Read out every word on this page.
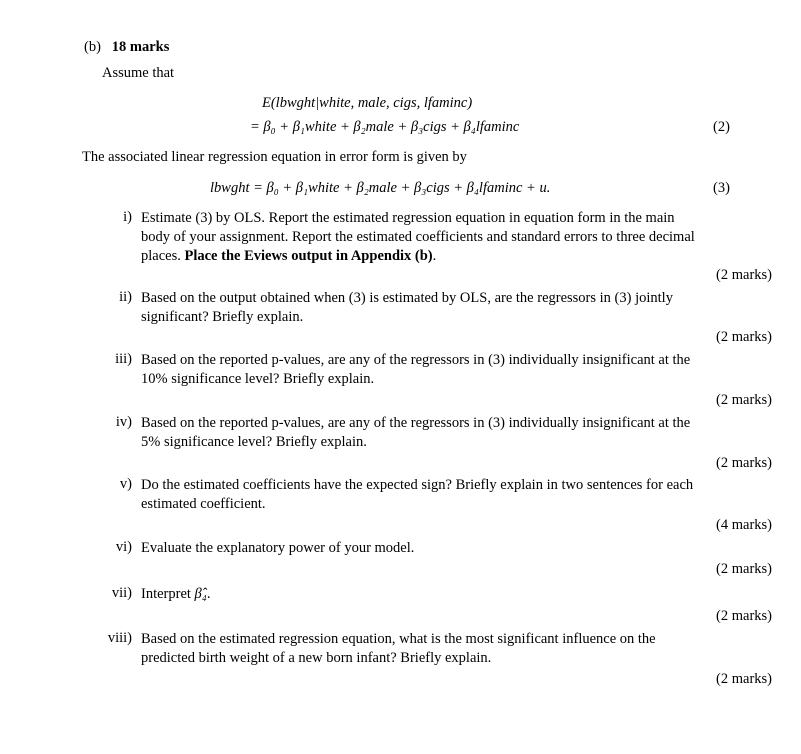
(b) 18 marks
Assume that
E(lbwght|white, male, cigs, lfaminc)
= β₀ + β₁white + β₂male + β₃cigs + β₄lfaminc	(2)
The associated linear regression equation in error form is given by
lbwght = β₀ + β₁white + β₂male + β₃cigs + β₄lfaminc + u.	(3)
i) Estimate (3) by OLS. Report the estimated regression equation in equation form in the main body of your assignment. Report the estimated coefficients and standard errors to three decimal places. Place the Eviews output in Appendix (b).
(2 marks)
ii) Based on the output obtained when (3) is estimated by OLS, are the regressors in (3) jointly significant? Briefly explain.
(2 marks)
iii) Based on the reported p-values, are any of the regressors in (3) individually insignificant at the 10% significance level? Briefly explain.
(2 marks)
iv) Based on the reported p-values, are any of the regressors in (3) individually insignificant at the 5% significance level? Briefly explain.
(2 marks)
v) Do the estimated coefficients have the expected sign? Briefly explain in two sentences for each estimated coefficient.
(4 marks)
vi) Evaluate the explanatory power of your model.
(2 marks)
vii) Interpret β̂₄.
(2 marks)
viii) Based on the estimated regression equation, what is the most significant influence on the predicted birth weight of a new born infant? Briefly explain.
(2 marks)
